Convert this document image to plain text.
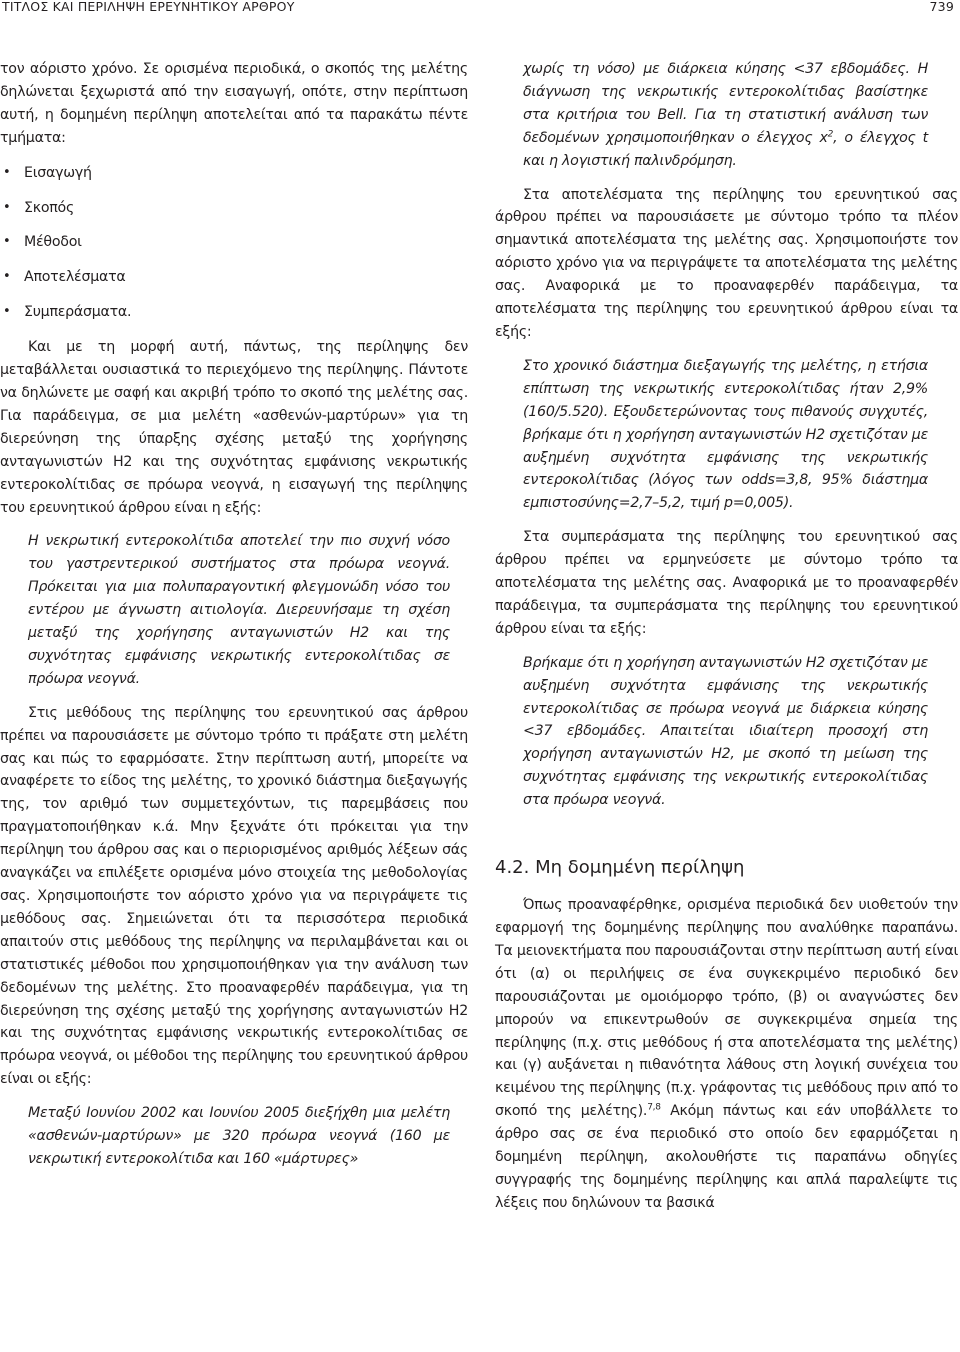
ΤΙΤΛΟΣ ΚΑΙ ΠΕΡΙΛΗΨΗ ΕΡΕΥΝΗΤΙΚΟΥ ΑΡΘΡΟΥ	739

τον αόριστο χρόνο. Σε ορισμένα περιοδικά, ο σκοπός της μελέτης δηλώνεται ξεχωριστά από την εισαγωγή, οπότε, στην περίπτωση αυτή, η δομημένη περίληψη αποτελείται από τα παρακάτω πέντε τμήματα:

• Εισαγωγή
• Σκοπός
• Μέθοδοι
• Αποτελέσματα
• Συμπεράσματα.

Και με τη μορφή αυτή, πάντως, της περίληψης δεν μεταβάλλεται ουσιαστικά το περιεχόμενο της περίληψης. Πάντοτε να δηλώνετε με σαφή και ακριβή τρόπο το σκοπό της μελέτης σας. Για παράδειγμα, σε μια μελέτη «ασθενών-μαρτύρων» για τη διερεύνηση της ύπαρξης σχέσης μεταξύ της χορήγησης ανταγωνιστών H2 και της συχνότητας εμφάνισης νεκρωτικής εντεροκολίτιδας σε πρόωρα νεογνά, η εισαγωγή της περίληψης του ερευνητικού άρθρου είναι η εξής:

Η νεκρωτική εντεροκολίτιδα αποτελεί την πιο συχνή νόσο του γαστρεντερικού συστήματος στα πρόωρα νεογνά. Πρόκειται για μια πολυπαραγοντική φλεγμονώδη νόσο του εντέρου με άγνωστη αιτιολογία. Διερευνήσαμε τη σχέση μεταξύ της χορήγησης ανταγωνιστών H2 και της συχνότητας εμφάνισης νεκρωτικής εντεροκολίτιδας σε πρόωρα νεογνά.

Στις μεθόδους της περίληψης του ερευνητικού σας άρθρου πρέπει να παρουσιάσετε με σύντομο τρόπο τι πράξατε στη μελέτη σας και πώς το εφαρμόσατε. Στην περίπτωση αυτή, μπορείτε να αναφέρετε το είδος της μελέτης, το χρονικό διάστημα διεξαγωγής της, τον αριθμό των συμμετεχόντων, τις παρεμβάσεις που πραγματοποιήθηκαν κ.ά. Μην ξεχνάτε ότι πρόκειται για την περίληψη του άρθρου σας και ο περιορισμένος αριθμός λέξεων σάς αναγκάζει να επιλέξετε ορισμένα μόνο στοιχεία της μεθοδολογίας σας. Χρησιμοποιήστε τον αόριστο χρόνο για να περιγράψετε τις μεθόδους σας. Σημειώνεται ότι τα περισσότερα περιοδικά απαιτούν στις μεθόδους της περίληψης να περιλαμβάνεται και οι στατιστικές μέθοδοι που χρησιμοποιήθηκαν για την ανάλυση των δεδομένων της μελέτης. Στο προαναφερθέν παράδειγμα, για τη διερεύνηση της σχέσης μεταξύ της χορήγησης ανταγωνιστών H2 και της συχνότητας εμφάνισης νεκρωτικής εντεροκολίτιδας σε πρόωρα νεογνά, οι μέθοδοι της περίληψης του ερευνητικού άρθρου είναι οι εξής:

Μεταξύ Ιουνίου 2002 και Ιουνίου 2005 διεξήχθη μια μελέτη «ασθενών-μαρτύρων» με 320 πρόωρα νεογνά (160 με νεκρωτική εντεροκολίτιδα και 160 «μάρτυρες»

χωρίς τη νόσο) με διάρκεια κύησης <37 εβδομάδες. Η διάγνωση της νεκρωτικής εντεροκολίτιδας βασίστηκε στα κριτήρια του Bell. Για τη στατιστική ανάλυση των δεδομένων χρησιμοποιήθηκαν ο έλεγχος $x^2$, ο έλεγχος t και η λογιστική παλινδρόμηση.

Στα αποτελέσματα της περίληψης του ερευνητικού σας άρθρου πρέπει να παρουσιάσετε με σύντομο τρόπο τα πλέον σημαντικά αποτελέσματα της μελέτης σας. Χρησιμοποιήστε τον αόριστο χρόνο για να περιγράψετε τα αποτελέσματα της μελέτης σας. Αναφορικά με το προαναφερθέν παράδειγμα, τα αποτελέσματα της περίληψης του ερευνητικού άρθρου είναι τα εξής:

Στο χρονικό διάστημα διεξαγωγής της μελέτης, η ετήσια επίπτωση της νεκρωτικής εντεροκολίτιδας ήταν 2,9% (160/5.520). Εξουδετερώνοντας τους πιθανούς συγχυτές, βρήκαμε ότι η χορήγηση ανταγωνιστών H2 σχετιζόταν με αυξημένη συχνότητα εμφάνισης της νεκρωτικής εντεροκολίτιδας (λόγος των odds=3,8, 95% διάστημα εμπιστοσύνης=2,7–5,2, τιμή p=0,005).

Στα συμπεράσματα της περίληψης του ερευνητικού σας άρθρου πρέπει να ερμηνεύσετε με σύντομο τρόπο τα αποτελέσματα της μελέτης σας. Αναφορικά με το προαναφερθέν παράδειγμα, τα συμπεράσματα της περίληψης του ερευνητικού άρθρου είναι τα εξής:

Βρήκαμε ότι η χορήγηση ανταγωνιστών H2 σχετιζόταν με αυξημένη συχνότητα εμφάνισης της νεκρωτικής εντεροκολίτιδας σε πρόωρα νεογνά με διάρκεια κύησης <37 εβδομάδες. Απαιτείται ιδιαίτερη προσοχή στη χορήγηση ανταγωνιστών H2, με σκοπό τη μείωση της συχνότητας εμφάνισης της νεκρωτικής εντεροκολίτιδας στα πρόωρα νεογνά.

4.2. Μη δομημένη περίληψη

Όπως προαναφέρθηκε, ορισμένα περιοδικά δεν υιοθετούν την εφαρμογή της δομημένης περίληψης που αναλύθηκε παραπάνω. Τα μειονεκτήματα που παρουσιάζονται στην περίπτωση αυτή είναι ότι (α) οι περιλήψεις σε ένα συγκεκριμένο περιοδικό δεν παρουσιάζονται με ομοιόμορφο τρόπο, (β) οι αναγνώστες δεν μπορούν να επικεντρωθούν σε συγκεκριμένα σημεία της περίληψης (π.χ. στις μεθόδους ή στα αποτελέσματα της μελέτης) και (γ) αυξάνεται η πιθανότητα λάθους στη λογική συνέχεια του κειμένου της περίληψης (π.χ. γράφοντας τις μεθόδους πριν από το σκοπό της μελέτης).$^{7,8}$ Ακόμη πάντως και εάν υποβάλλετε το άρθρο σας σε ένα περιοδικό στο οποίο δεν εφαρμόζεται η δομημένη περίληψη, ακολουθήστε τις παραπάνω οδηγίες συγγραφής της δομημένης περίληψης και απλά παραλείψτε τις λέξεις που δηλώνουν τα βασικά
